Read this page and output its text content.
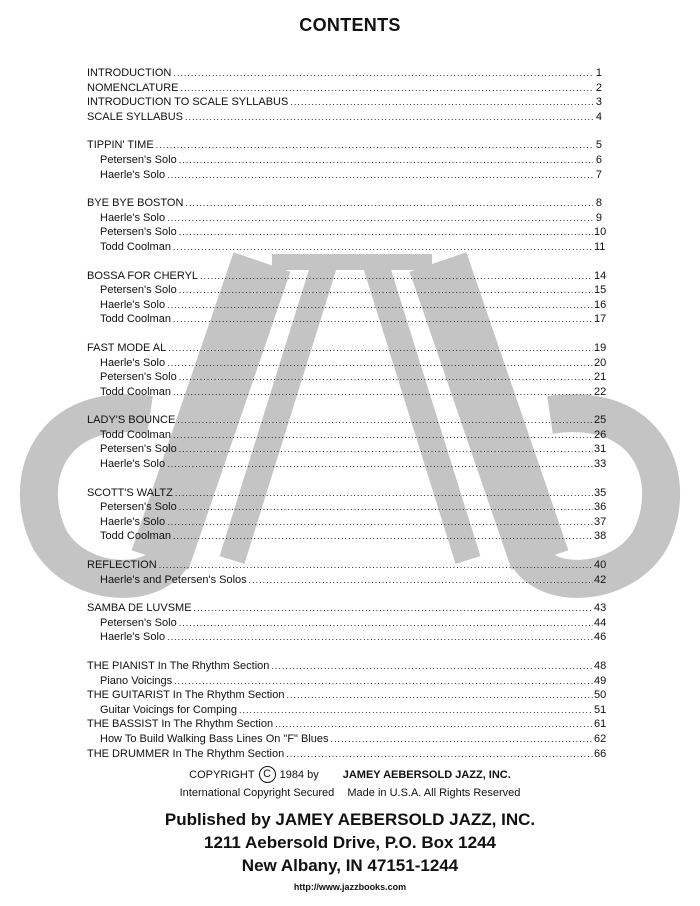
CONTENTS
INTRODUCTION .....	1
NOMENCLATURE .....	2
INTRODUCTION TO SCALE SYLLABUS .....	3
SCALE SYLLABUS .....	4
TIPPIN' TIME .....	5
Petersen's Solo .....	6
Haerle's Solo .....	7
BYE BYE BOSTON .....	8
Haerle's Solo .....	9
Petersen's Solo .....	10
Todd Coolman .....	11
BOSSA FOR CHERYL .....	14
Petersen's Solo .....	15
Haerle's Solo .....	16
Todd Coolman .....	17
FAST MODE AL .....	19
Haerle's Solo .....	20
Petersen's Solo .....	21
Todd Coolman .....	22
LADY'S BOUNCE .....	25
Todd Coolman .....	26
Petersen's Solo .....	31
Haerle's Solo .....	33
SCOTT'S WALTZ .....	35
Petersen's Solo .....	36
Haerle's Solo .....	37
Todd Coolman .....	38
REFLECTION .....	40
Haerle's and Petersen's Solos .....	42
SAMBA DE LUVSME .....	43
Petersen's Solo .....	44
Haerle's Solo .....	46
THE PIANIST In The Rhythm Section .....	48
Piano Voicings .....	49
THE GUITARIST In The Rhythm Section .....	50
Guitar Voicings for Comping .....	51
THE BASSIST In The Rhythm Section .....	61
How To Build Walking Bass Lines On "F" Blues .....	62
THE DRUMMER In The Rhythm Section .....	66
COPYRIGHT C 1984 by JAMEY AEBERSOLD JAZZ, INC.
International Copyright Secured Made in U.S.A. All Rights Reserved
Published by JAMEY AEBERSOLD JAZZ, INC.
1211 Aebersold Drive, P.O. Box 1244
New Albany, IN 47151-1244
http://www.jazzbooks.com
